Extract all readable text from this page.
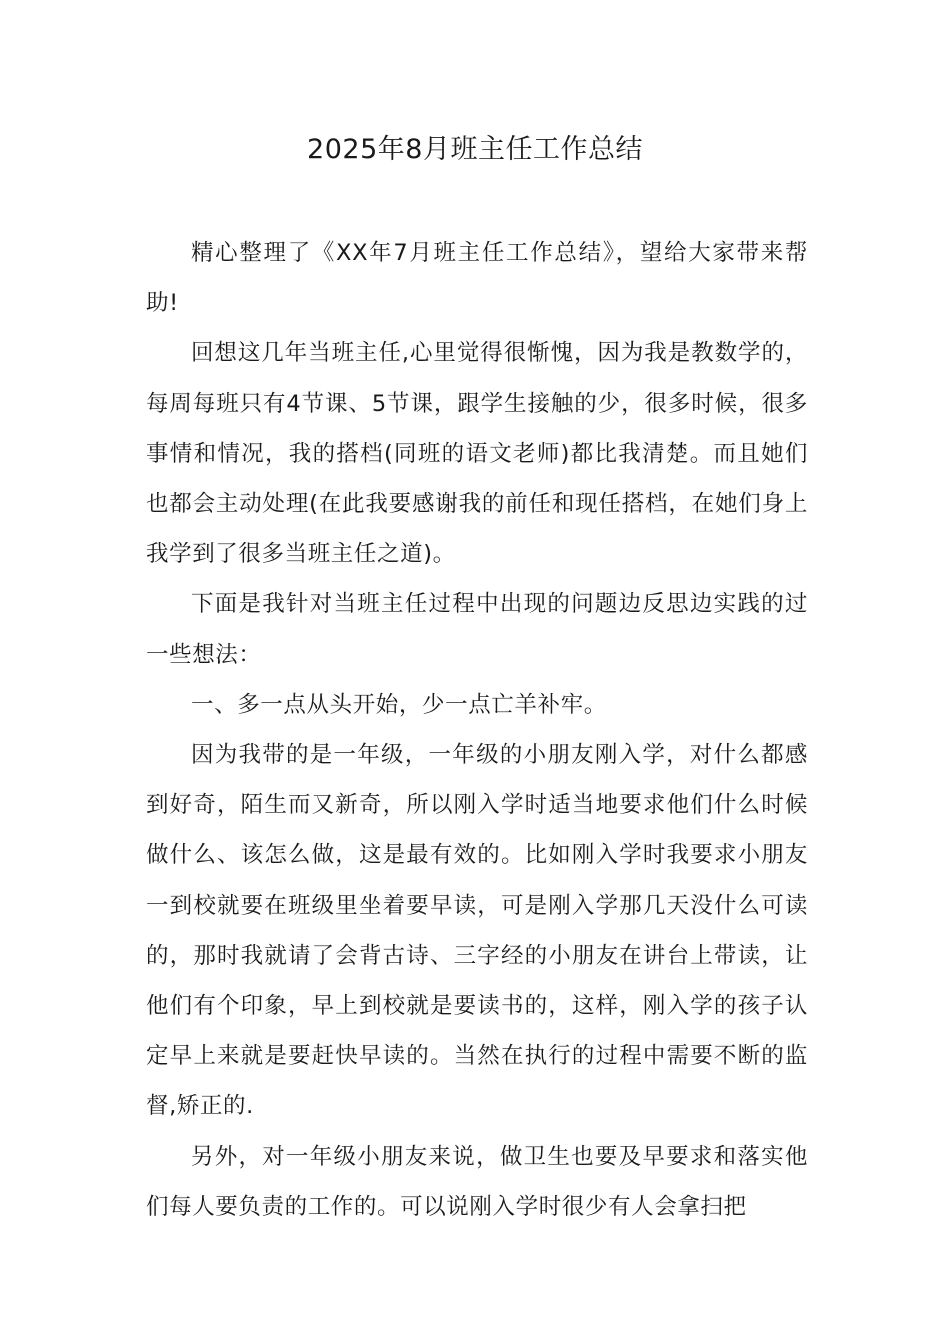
2025年8月班主任工作总结

精心整理了《XX年7月班主任工作总结》，望给大家带来帮助!

回想这几年当班主任,心里觉得很惭愧，因为我是教数学的，每周每班只有4节课、5节课，跟学生接触的少，很多时候，很多事情和情况，我的搭档(同班的语文老师)都比我清楚。而且她们也都会主动处理(在此我要感谢我的前任和现任搭档，在她们身上我学到了很多当班主任之道)。

下面是我针对当班主任过程中出现的问题边反思边实践的过一些想法：

一、多一点从头开始，少一点亡羊补牢。

因为我带的是一年级，一年级的小朋友刚入学，对什么都感到好奇，陌生而又新奇，所以刚入学时适当地要求他们什么时候做什么、该怎么做，这是最有效的。比如刚入学时我要求小朋友一到校就要在班级里坐着要早读，可是刚入学那几天没什么可读的，那时我就请了会背古诗、三字经的小朋友在讲台上带读，让他们有个印象，早上到校就是要读书的，这样，刚入学的孩子认定早上来就是要赶快早读的。当然在执行的过程中需要不断的监督,矫正的.

另外，对一年级小朋友来说，做卫生也要及早要求和落实他们每人要负责的工作的。可以说刚入学时很少有人会拿扫把
